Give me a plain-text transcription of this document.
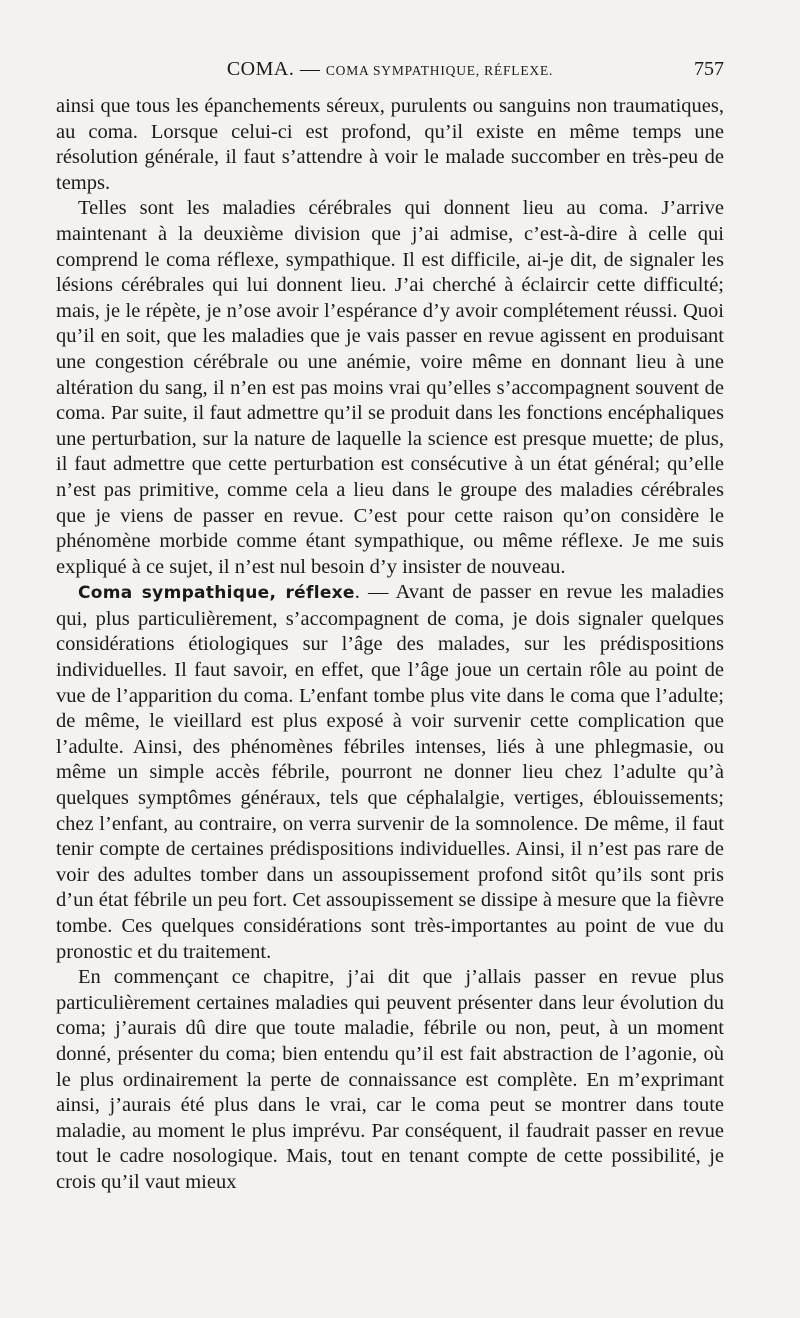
COMA. — COMA SYMPATHIQUE, RÉFLEXE.	757

ainsi que tous les épanchements séreux, purulents ou sanguins non traumatiques, au coma. Lorsque celui-ci est profond, qu’il existe en même temps une résolution générale, il faut s’attendre à voir le malade succomber en très-peu de temps.

Telles sont les maladies cérébrales qui donnent lieu au coma. J’arrive maintenant à la deuxième division que j’ai admise, c’est-à-dire à celle qui comprend le coma réflexe, sympathique. Il est difficile, ai-je dit, de signaler les lésions cérébrales qui lui donnent lieu. J’ai cherché à éclaircir cette difficulté; mais, je le répète, je n’ose avoir l’espérance d’y avoir complétement réussi. Quoi qu’il en soit, que les maladies que je vais passer en revue agissent en produisant une congestion cérébrale ou une anémie, voire même en donnant lieu à une altération du sang, il n’en est pas moins vrai qu’elles s’accompagnent souvent de coma. Par suite, il faut admettre qu’il se produit dans les fonctions encéphaliques une perturbation, sur la nature de laquelle la science est presque muette; de plus, il faut admettre que cette perturbation est consécutive à un état général; qu’elle n’est pas primitive, comme cela a lieu dans le groupe des maladies cérébrales que je viens de passer en revue. C’est pour cette raison qu’on considère le phénomène morbide comme étant sympathique, ou même réflexe. Je me suis expliqué à ce sujet, il n’est nul besoin d’y insister de nouveau.

Coma sympathique, réflexe. — Avant de passer en revue les maladies qui, plus particulièrement, s’accompagnent de coma, je dois signaler quelques considérations étiologiques sur l’âge des malades, sur les prédispositions individuelles. Il faut savoir, en effet, que l’âge joue un certain rôle au point de vue de l’apparition du coma. L’enfant tombe plus vite dans le coma que l’adulte; de même, le vieillard est plus exposé à voir survenir cette complication que l’adulte. Ainsi, des phénomènes fébriles intenses, liés à une phlegmasie, ou même un simple accès fébrile, pourront ne donner lieu chez l’adulte qu’à quelques symptômes généraux, tels que céphalalgie, vertiges, éblouissements; chez l’enfant, au contraire, on verra survenir de la somnolence. De même, il faut tenir compte de certaines prédispositions individuelles. Ainsi, il n’est pas rare de voir des adultes tomber dans un assoupissement profond sitôt qu’ils sont pris d’un état fébrile un peu fort. Cet assoupissement se dissipe à mesure que la fièvre tombe. Ces quelques considérations sont très-importantes au point de vue du pronostic et du traitement.

En commençant ce chapitre, j’ai dit que j’allais passer en revue plus particulièrement certaines maladies qui peuvent présenter dans leur évolution du coma; j’aurais dû dire que toute maladie, fébrile ou non, peut, à un moment donné, présenter du coma; bien entendu qu’il est fait abstraction de l’agonie, où le plus ordinairement la perte de connaissance est complète. En m’exprimant ainsi, j’aurais été plus dans le vrai, car le coma peut se montrer dans toute maladie, au moment le plus imprévu. Par conséquent, il faudrait passer en revue tout le cadre nosologique. Mais, tout en tenant compte de cette possibilité, je crois qu’il vaut mieux
